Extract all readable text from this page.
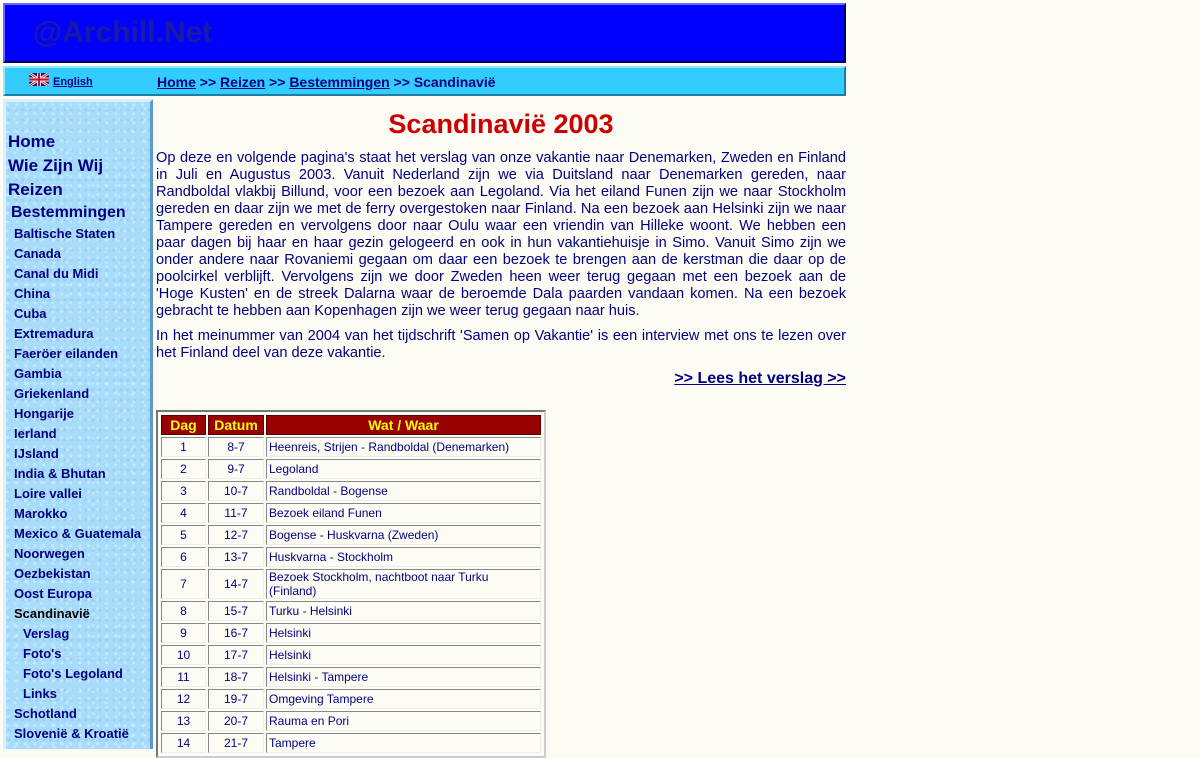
@Archill.Net
English	Home >> Reizen >> Bestemmingen >> Scandinavië
Home
Wie Zijn Wij
Reizen
Bestemmingen
Baltische Staten
Canada
Canal du Midi
China
Cuba
Extremadura
Faeröer eilanden
Gambia
Griekenland
Hongarije
Ierland
IJsland
India & Bhutan
Loire vallei
Marokko
Mexico & Guatemala
Noorwegen
Oezbekistan
Oost Europa
Scandinavië
Verslag
Foto's
Foto's Legoland
Links
Schotland
Slovenië & Kroatië
Scandinavië 2003

Op deze en volgende pagina's staat het verslag van onze vakantie naar Denemarken, Zweden en Finland in Juli en Augustus 2003. Vanuit Nederland zijn we via Duitsland naar Denemarken gereden, naar Randboldal vlakbij Billund, voor een bezoek aan Legoland. Via het eiland Funen zijn we naar Stockholm gereden en daar zijn we met de ferry overgestoken naar Finland. Na een bezoek aan Helsinki zijn we naar Tampere gereden en vervolgens door naar Oulu waar een vriendin van Hilleke woont. We hebben een paar dagen bij haar en haar gezin gelogeerd en ook in hun vakantiehuisje in Simo. Vanuit Simo zijn we onder andere naar Rovaniemi gegaan om daar een bezoek te brengen aan de kerstman die daar op de poolcirkel verblijft. Vervolgens zijn we door Zweden heen weer terug gegaan met een bezoek aan de 'Hoge Kusten' en de streek Dalarna waar de beroemde Dala paarden vandaan komen. Na een bezoek gebracht te hebben aan Kopenhagen zijn we weer terug gegaan naar huis.

In het meinummer van 2004 van het tijdschrift 'Samen op Vakantie' is een interview met ons te lezen over het Finland deel van deze vakantie.

>> Lees het verslag >>
Dag	Datum	Wat / Waar
1	8-7	Heenreis, Strijen - Randboldal (Denemarken)
2	9-7	Legoland
3	10-7	Randboldal - Bogense
4	11-7	Bezoek eiland Funen
5	12-7	Bogense - Huskvarna (Zweden)
6	13-7	Huskvarna - Stockholm
7	14-7	Bezoek Stockholm, nachtboot naar Turku (Finland)
8	15-7	Turku - Helsinki
9	16-7	Helsinki
10	17-7	Helsinki
11	18-7	Helsinki - Tampere
12	19-7	Omgeving Tampere
13	20-7	Rauma en Pori
14	21-7	Tampere
